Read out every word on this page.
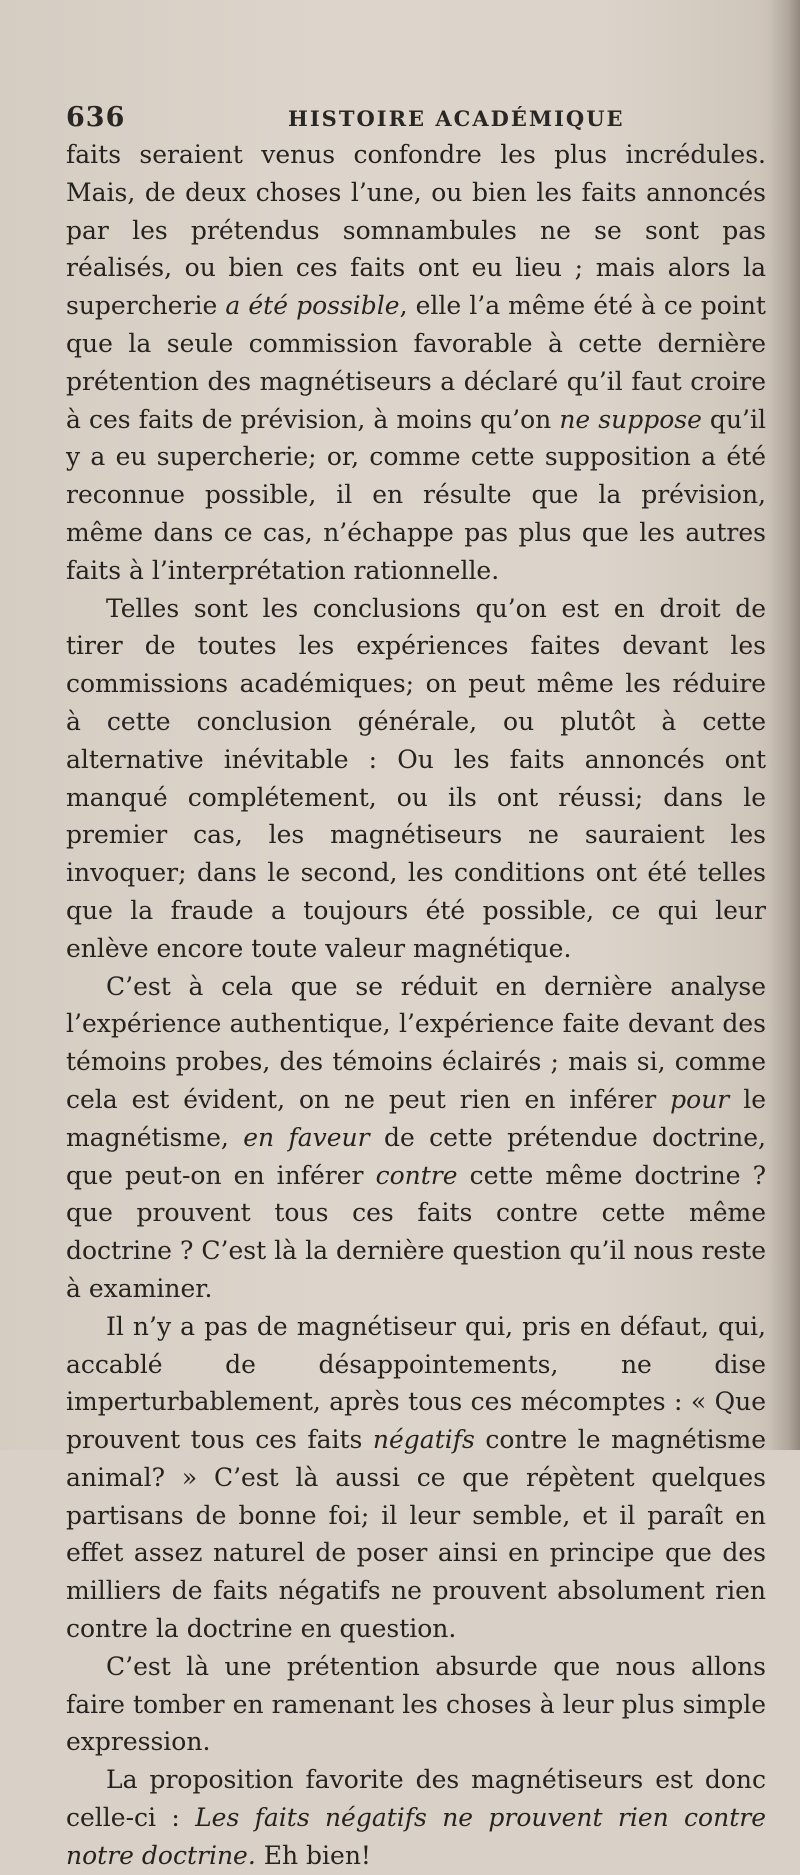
636	HISTOIRE ACADÉMIQUE

faits seraient venus confondre les plus incrédules. Mais, de deux choses l’une, ou bien les faits annoncés par les prétendus somnambules ne se sont pas réalisés, ou bien ces faits ont eu lieu ; mais alors la supercherie a été possible, elle l’a même été à ce point que la seule commission favorable à cette dernière prétention des magnétiseurs a déclaré qu’il faut croire à ces faits de prévision, à moins qu’on ne suppose qu’il y a eu supercherie; or, comme cette supposition a été reconnue possible, il en résulte que la prévision, même dans ce cas, n’échappe pas plus que les autres faits à l’interprétation rationnelle.

Telles sont les conclusions qu’on est en droit de tirer de toutes les expériences faites devant les commissions académiques; on peut même les réduire à cette conclusion générale, ou plutôt à cette alternative inévitable : Ou les faits annoncés ont manqué complétement, ou ils ont réussi; dans le premier cas, les magnétiseurs ne sauraient les invoquer; dans le second, les conditions ont été telles que la fraude a toujours été possible, ce qui leur enlève encore toute valeur magnétique.

C’est à cela que se réduit en dernière analyse l’expérience authentique, l’expérience faite devant des témoins probes, des témoins éclairés ; mais si, comme cela est évident, on ne peut rien en inférer pour le magnétisme, en faveur de cette prétendue doctrine, que peut-on en inférer contre cette même doctrine ? que prouvent tous ces faits contre cette même doctrine ? C’est là la dernière question qu’il nous reste à examiner.

Il n’y a pas de magnétiseur qui, pris en défaut, qui, accablé de désappointements, ne dise imperturbablement, après tous ces mécomptes : « Que prouvent tous ces faits négatifs contre le magnétisme animal? » C’est là aussi ce que répètent quelques partisans de bonne foi; il leur semble, et il paraît en effet assez naturel de poser ainsi en principe que des milliers de faits négatifs ne prouvent absolument rien contre la doctrine en question.

C’est là une prétention absurde que nous allons faire tomber en ramenant les choses à leur plus simple expression.

La proposition favorite des magnétiseurs est donc celle-ci : Les faits négatifs ne prouvent rien contre notre doctrine. Eh bien!
